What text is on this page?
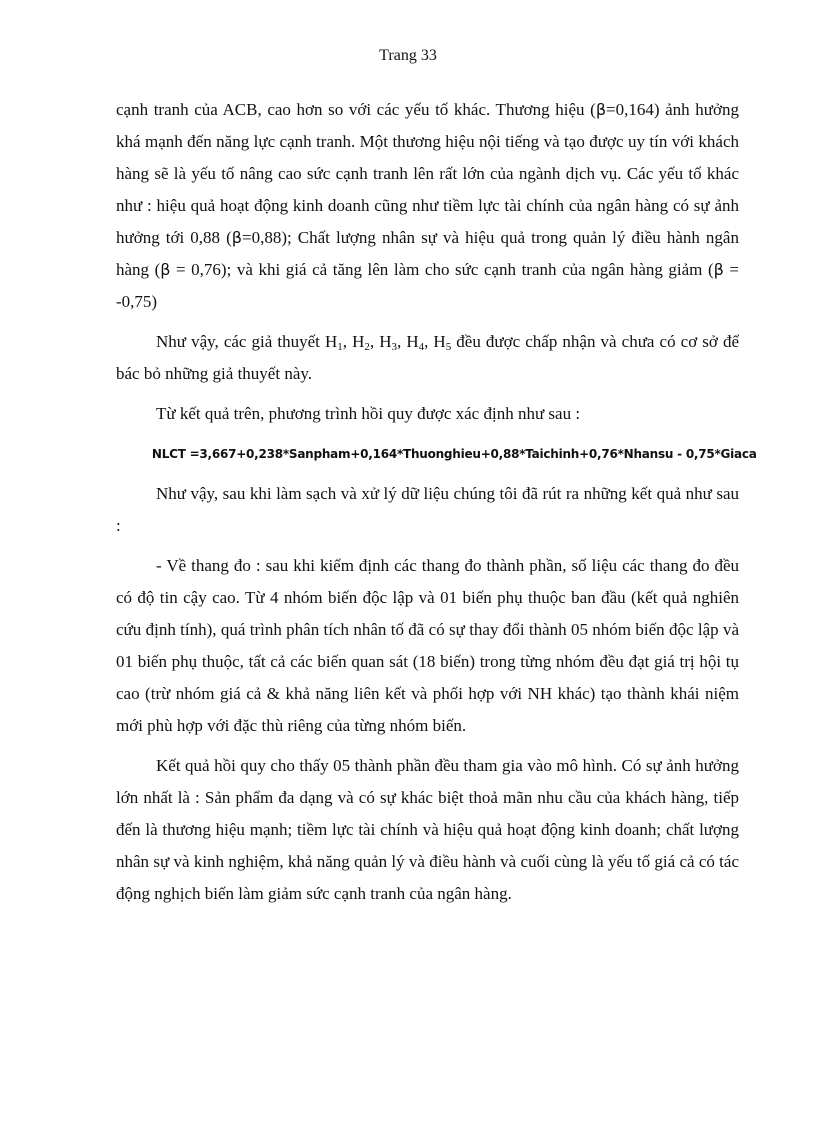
Trang 33

cạnh tranh của ACB, cao hơn so với các yếu tố khác. Thương hiệu (β=0,164) ảnh hưởng khá mạnh đến năng lực cạnh tranh. Một thương hiệu nội tiếng và tạo được uy tín với khách hàng sẽ là yếu tố nâng cao sức cạnh tranh lên rất lớn của ngành dịch vụ. Các yếu tố khác như : hiệu quả hoạt động kinh doanh cũng như tiềm lực tài chính của ngân hàng có sự ảnh hưởng tới 0,88 (β=0,88); Chất lượng nhân sự và hiệu quả trong quản lý điều hành ngân hàng (β = 0,76); và khi giá cả tăng lên làm cho sức cạnh tranh của ngân hàng giảm (β = -0,75)

Như vậy, các giả thuyết $H_1$, $H_2$, $H_3$, $H_4$, $H_5$ đều được chấp nhận và chưa có cơ sở để bác bỏ những giả thuyết này.

Từ kết quả trên, phương trình hồi quy được xác định như sau :

NLCT =3,667+0,238*Sanpham+0,164*Thuonghieu+0,88*Taichinh+0,76*Nhansu - 0,75*Giaca

Như vậy, sau khi làm sạch và xử lý dữ liệu chúng tôi đã rút ra những kết quả như sau :

- Về thang đo : sau khi kiểm định các thang đo thành phần, số liệu các thang đo đều có độ tin cậy cao. Từ 4 nhóm biến độc lập và 01 biến phụ thuộc ban đầu (kết quả nghiên cứu định tính), quá trình phân tích nhân tố đã có sự thay đổi thành 05 nhóm biến độc lập và 01 biến phụ thuộc, tất cả các biến quan sát (18 biến) trong từng nhóm đều đạt giá trị hội tụ cao (trừ nhóm giá cả & khả năng liên kết và phối hợp với NH khác) tạo thành khái niệm mới phù hợp với đặc thù riêng của từng nhóm biến.

Kết quả hồi quy cho thấy 05 thành phần đều tham gia vào mô hình. Có sự ảnh hưởng lớn nhất là : Sản phẩm đa dạng và có sự khác biệt thoả mãn nhu cầu của khách hàng, tiếp đến là thương hiệu mạnh; tiềm lực tài chính và hiệu quả hoạt động kinh doanh; chất lượng nhân sự và kinh nghiệm, khả năng quản lý và điều hành và cuối cùng là yếu tố giá cả có tác động nghịch biến làm giảm sức cạnh tranh của ngân hàng.
